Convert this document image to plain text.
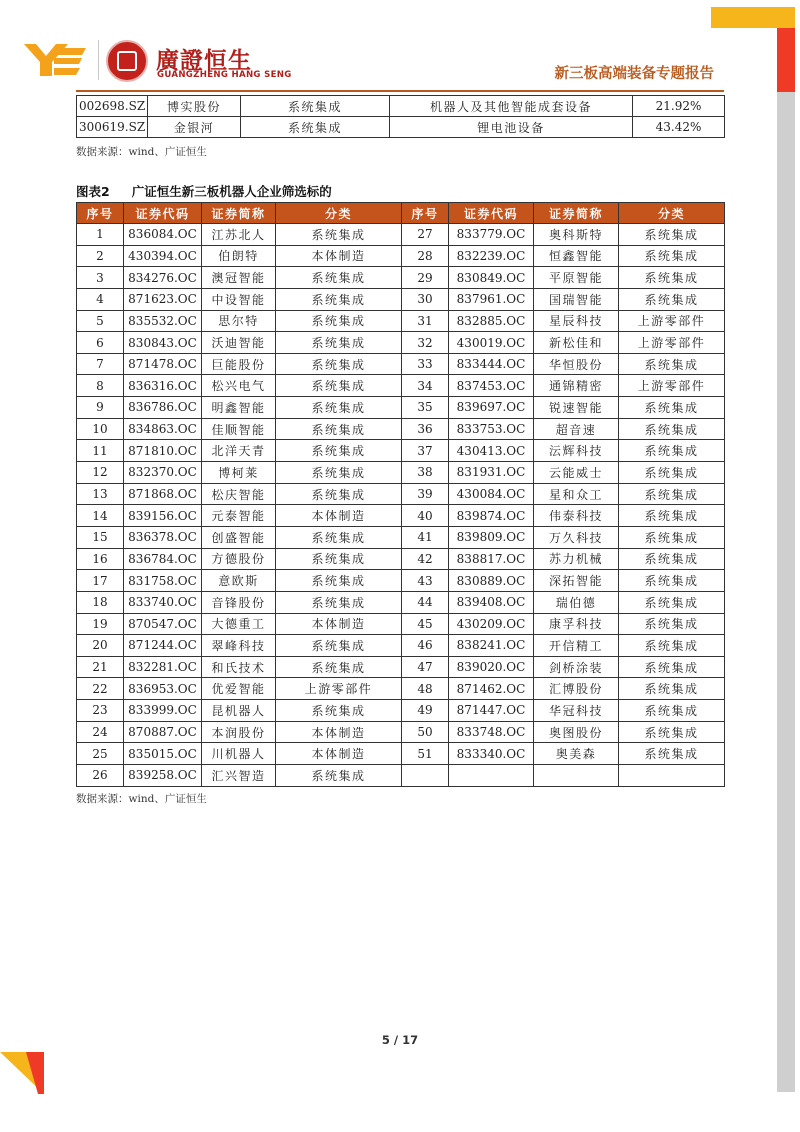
廣證恒生
GUANGZHENG HANG SENG	新三板高端装备专题报告
002698.SZ	博实股份	系统集成	机器人及其他智能成套设备	21.92%
300619.SZ	金银河	系统集成	锂电池设备	43.42%
数据来源：wind、广证恒生
图表2 广证恒生新三板机器人企业筛选标的
序号	证券代码	证券简称	分类	序号	证券代码	证券简称	分类
1	836084.OC	江苏北人	系统集成	27	833779.OC	奥科斯特	系统集成
2	430394.OC	伯朗特	本体制造	28	832239.OC	恒鑫智能	系统集成
3	834276.OC	澳冠智能	系统集成	29	830849.OC	平原智能	系统集成
4	871623.OC	中设智能	系统集成	30	837961.OC	国瑞智能	系统集成
5	835532.OC	思尔特	系统集成	31	832885.OC	星辰科技	上游零部件
6	830843.OC	沃迪智能	系统集成	32	430019.OC	新松佳和	上游零部件
7	871478.OC	巨能股份	系统集成	33	833444.OC	华恒股份	系统集成
8	836316.OC	松兴电气	系统集成	34	837453.OC	通锦精密	上游零部件
9	836786.OC	明鑫智能	系统集成	35	839697.OC	锐速智能	系统集成
10	834863.OC	佳顺智能	系统集成	36	833753.OC	超音速	系统集成
11	871810.OC	北洋天青	系统集成	37	430413.OC	沄辉科技	系统集成
12	832370.OC	博柯莱	系统集成	38	831931.OC	云能威士	系统集成
13	871868.OC	松庆智能	系统集成	39	430084.OC	星和众工	系统集成
14	839156.OC	元泰智能	本体制造	40	839874.OC	伟泰科技	系统集成
15	836378.OC	创盛智能	系统集成	41	839809.OC	万久科技	系统集成
16	836784.OC	方德股份	系统集成	42	838817.OC	苏力机械	系统集成
17	831758.OC	意欧斯	系统集成	43	830889.OC	深拓智能	系统集成
18	833740.OC	音锋股份	系统集成	44	839408.OC	瑞伯德	系统集成
19	870547.OC	大德重工	本体制造	45	430209.OC	康孚科技	系统集成
20	871244.OC	翠峰科技	系统集成	46	838241.OC	开信精工	系统集成
21	832281.OC	和氏技术	系统集成	47	839020.OC	剑桥涂装	系统集成
22	836953.OC	优爱智能	上游零部件	48	871462.OC	汇博股份	系统集成
23	833999.OC	昆机器人	系统集成	49	871447.OC	华冠科技	系统集成
24	870887.OC	本润股份	本体制造	50	833748.OC	奥图股份	系统集成
25	835015.OC	川机器人	本体制造	51	833340.OC	奥美森	系统集成
26	839258.OC	汇兴智造	系统集成				
数据来源：wind、广证恒生
5 / 17
